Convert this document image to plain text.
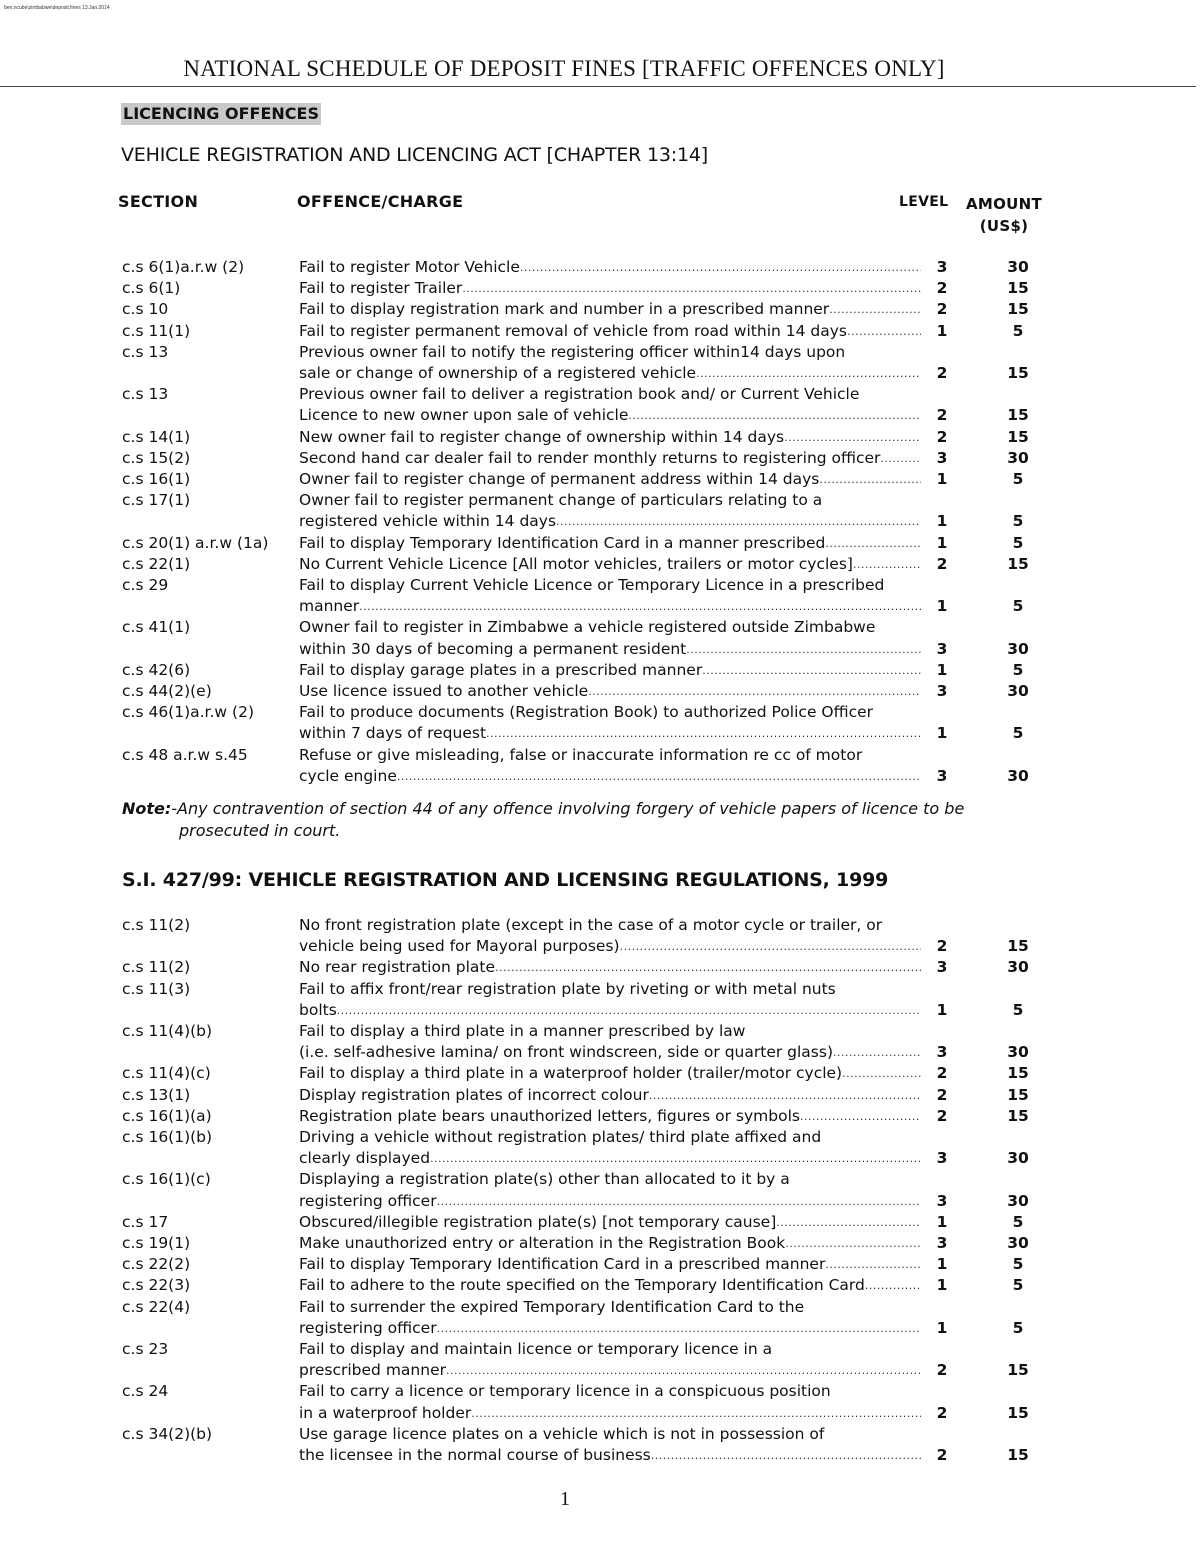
ben.ncube\zimbabwe\deposit.fines 13.Jan.2014
NATIONAL SCHEDULE OF DEPOSIT FINES [TRAFFIC OFFENCES ONLY]
LICENCING OFFENCES
VEHICLE REGISTRATION AND LICENCING ACT [CHAPTER 13:14]
SECTION	OFFENCE/CHARGE	LEVEL AMOUNT
(US$)
c.s 6(1)a.r.w (2)	Fail to register Motor Vehicle .....	3	30
c.s 6(1)	Fail to register Trailer .....	2	15
c.s 10	Fail to display registration mark and number in a prescribed manner .....	2	15
c.s 11(1)	Fail to register permanent removal of vehicle from road within 14 days .....	1	5
c.s 13	Previous owner fail to notify the registering officer within14 days upon
sale or change of ownership of a registered vehicle .....	2	15
c.s 13	Previous owner fail to deliver a registration book and/ or Current Vehicle
Licence to new owner upon sale of vehicle .....	2	15
c.s 14(1)	New owner fail to register change of ownership within 14 days .....	2	15
c.s 15(2)	Second hand car dealer fail to render monthly returns to registering officer .....	3	30
c.s 16(1)	Owner fail to register change of permanent address within 14 days .....	1	5
c.s 17(1)	Owner fail to register permanent change of particulars relating to a
registered vehicle within 14 days .....	1	5
c.s 20(1) a.r.w (1a) Fail to display Temporary Identification Card in a manner prescribed .....	1	5
c.s 22(1)	No Current Vehicle Licence [All motor vehicles, trailers or motor cycles] .....	2	15
c.s 29	Fail to display Current Vehicle Licence or Temporary Licence in a prescribed
manner .....	1	5
c.s 41(1)	Owner fail to register in Zimbabwe a vehicle registered outside Zimbabwe
within 30 days of becoming a permanent resident .....	3	30
c.s 42(6)	Fail to display garage plates in a prescribed manner .....	1	5
c.s 44(2)(e)	Use licence issued to another vehicle .....	3	30
c.s 46(1)a.r.w (2)	Fail to produce documents (Registration Book) to authorized Police Officer
within 7 days of request .....	1	5
c.s 48 a.r.w s.45	Refuse or give misleading, false or inaccurate information re cc of motor
cycle engine .....	3	30
Note:-Any contravention of section 44 of any offence involving forgery of vehicle papers of licence to be
prosecuted in court.
S.I. 427/99: VEHICLE REGISTRATION AND LICENSING REGULATIONS, 1999
c.s 11(2)	No front registration plate (except in the case of a motor cycle or trailer, or
vehicle being used for Mayoral purposes) .....	2	15
c.s 11(2)	No rear registration plate .....	3	30
c.s 11(3)	Fail to affix front/rear registration plate by riveting or with metal nuts
bolts .....	1	5
c.s 11(4)(b)	Fail to display a third plate in a manner prescribed by law
(i.e. self-adhesive lamina/ on front windscreen, side or quarter glass) .....	3	30
c.s 11(4)(c)	Fail to display a third plate in a waterproof holder (trailer/motor cycle) .....	2	15
c.s 13(1)	Display registration plates of incorrect colour .....	2	15
c.s 16(1)(a)	Registration plate bears unauthorized letters, figures or symbols .....	2	15
c.s 16(1)(b)	Driving a vehicle without registration plates/ third plate affixed and
clearly displayed .....	3	30
c.s 16(1)(c)	Displaying a registration plate(s) other than allocated to it by a
registering officer .....	3	30
c.s 17	Obscured/illegible registration plate(s) [not temporary cause] .....	1	5
c.s 19(1)	Make unauthorized entry or alteration in the Registration Book .....	3	30
c.s 22(2)	Fail to display Temporary Identification Card in a prescribed manner .....	1	5
c.s 22(3)	Fail to adhere to the route specified on the Temporary Identification Card .....	1	5
c.s 22(4)	Fail to surrender the expired Temporary Identification Card to the
registering officer .....	1	5
c.s 23	Fail to display and maintain licence or temporary licence in a
prescribed manner .....	2	15
c.s 24	Fail to carry a licence or temporary licence in a conspicuous position
in a waterproof holder .....	2	15
c.s 34(2)(b)	Use garage licence plates on a vehicle which is not in possession of
the licensee in the normal course of business .....	2	15
1
